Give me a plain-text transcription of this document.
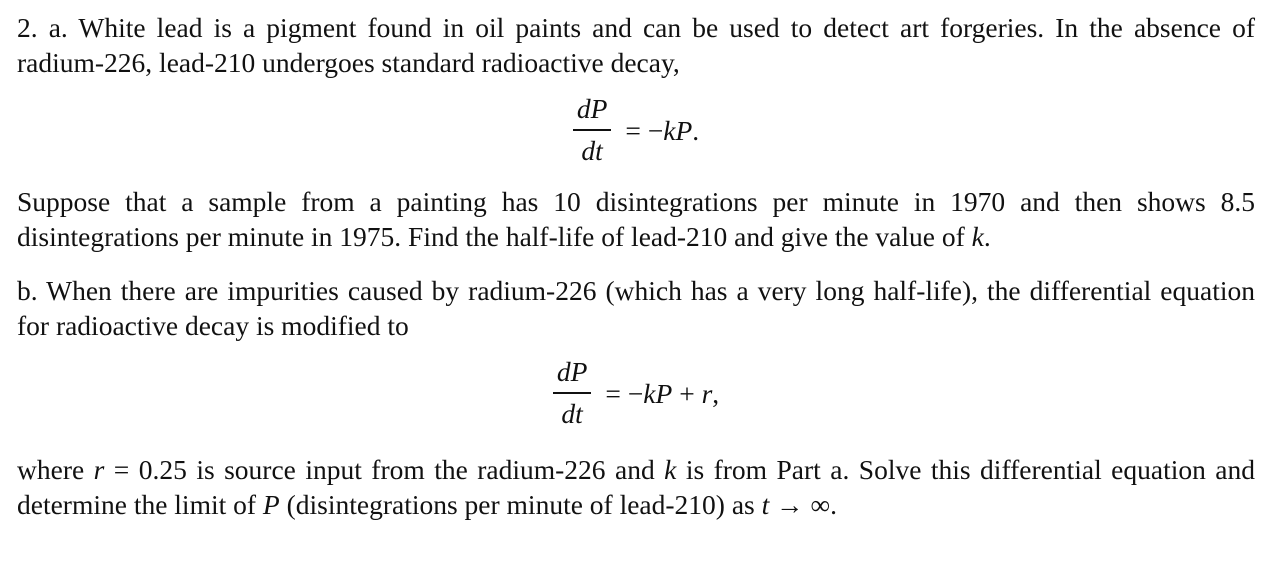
2. a. White lead is a pigment found in oil paints and can be used to detect art forgeries. In the absence of radium-226, lead-210 undergoes standard radioactive decay,

$\frac{dP}{dt} = -kP$.

Suppose that a sample from a painting has 10 disintegrations per minute in 1970 and then shows 8.5 disintegrations per minute in 1975. Find the half-life of lead-210 and give the value of k.

b. When there are impurities caused by radium-226 (which has a very long half-life), the differential equation for radioactive decay is modified to

$\frac{dP}{dt} = -kP + r$,

where r = 0.25 is source input from the radium-226 and k is from Part a. Solve this differential equation and determine the limit of P (disintegrations per minute of lead-210) as t → ∞.
